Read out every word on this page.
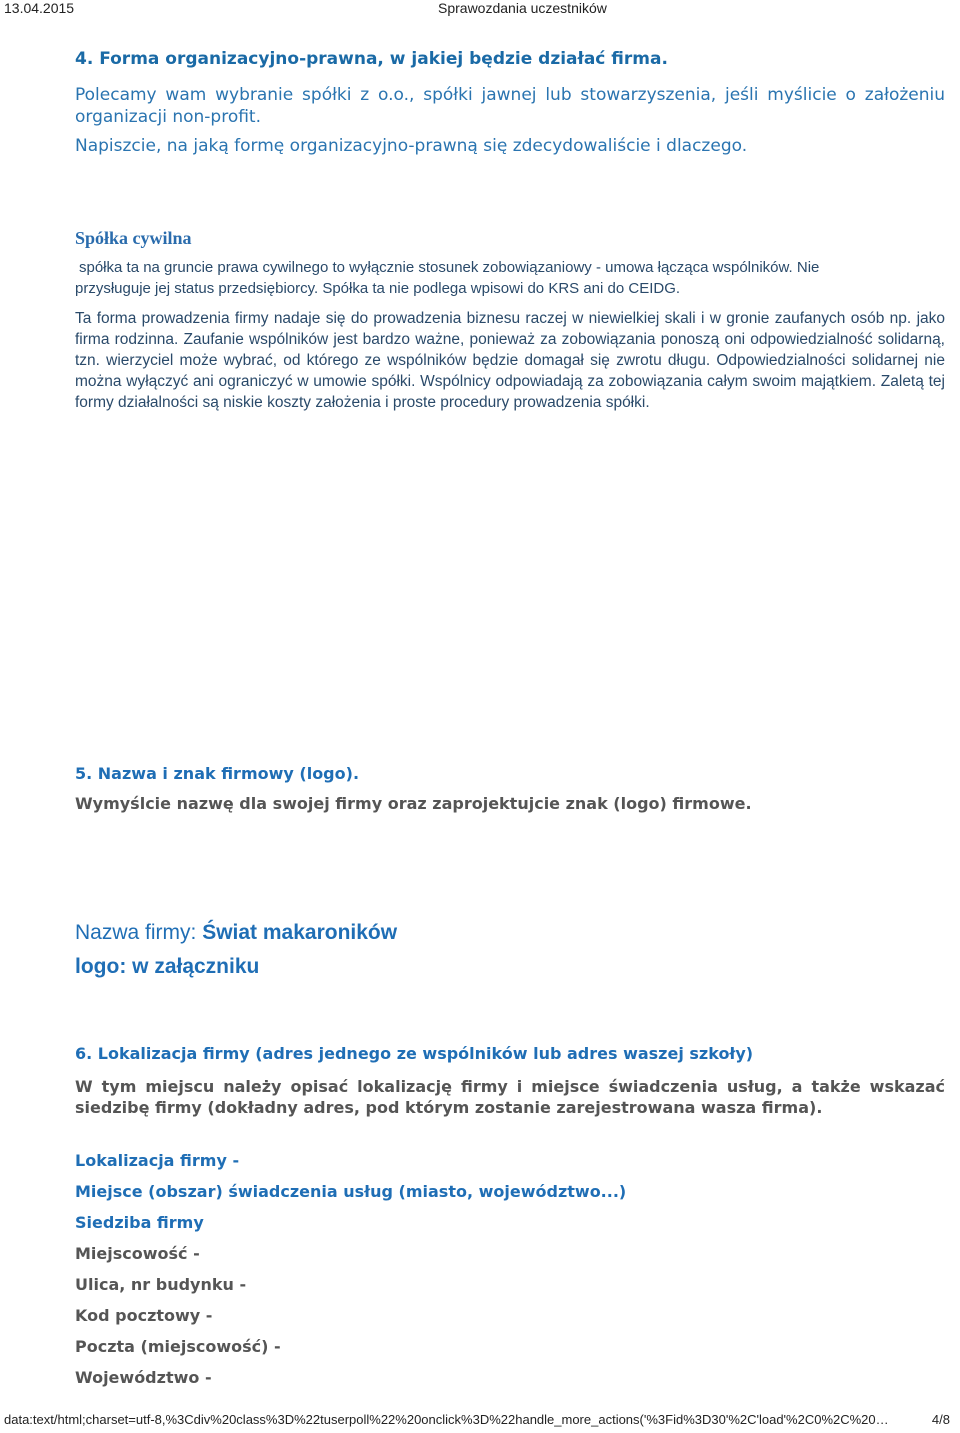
13.04.2015	Sprawozdania uczestników
4. Forma organizacyjno-prawna, w jakiej będzie działać firma.
Polecamy wam wybranie spółki z o.o., spółki jawnej lub stowarzyszenia, jeśli myślicie o założeniu organizacji non-profit.
Napiszcie, na jaką formę organizacyjno-prawną się zdecydowaliście i dlaczego.
Spółka cywilna
spółka ta na gruncie prawa cywilnego to wyłącznie stosunek zobowiązaniowy - umowa łącząca wspólników. Nie
przysługuje jej status przedsiębiorcy. Spółka ta nie podlega wpisowi do KRS ani do CEIDG.
Ta forma prowadzenia firmy nadaje się do prowadzenia biznesu raczej w niewielkiej skali i w gronie zaufanych osób np. jako firma rodzinna. Zaufanie wspólników jest bardzo ważne, ponieważ za zobowiązania ponoszą oni odpowiedzialność solidarną, tzn. wierzyciel może wybrać, od którego ze wspólników będzie domagał się zwrotu długu. Odpowiedzialności solidarnej nie można wyłączyć ani ograniczyć w umowie spółki. Wspólnicy odpowiadają za zobowiązania całym swoim majątkiem. Zaletą tej formy działalności są niskie koszty założenia i proste procedury prowadzenia spółki.
5. Nazwa i znak firmowy (logo).
Wymyślcie nazwę dla swojej firmy oraz zaprojektujcie znak (logo) firmowe.
Nazwa firmy: Świat makaroników
logo: w załączniku
6. Lokalizacja firmy (adres jednego ze wspólników lub adres waszej szkoły)
W tym miejscu należy opisać lokalizację firmy i miejsce świadczenia usług, a także wskazać siedzibę firmy (dokładny adres, pod którym zostanie zarejestrowana wasza firma).
Lokalizacja firmy -
Miejsce (obszar) świadczenia usług (miasto, województwo...)
Siedziba firmy
Miejscowość -
Ulica, nr budynku -
Kod pocztowy -
Poczta (miejscowość) -
Województwo -
data:text/html;charset=utf-8,%3Cdiv%20class%3D%22tuserpoll%22%20onclick%3D%22handle_more_actions('%3Fid%3D30'%2C'load'%2C0%2C%20…	4/8
